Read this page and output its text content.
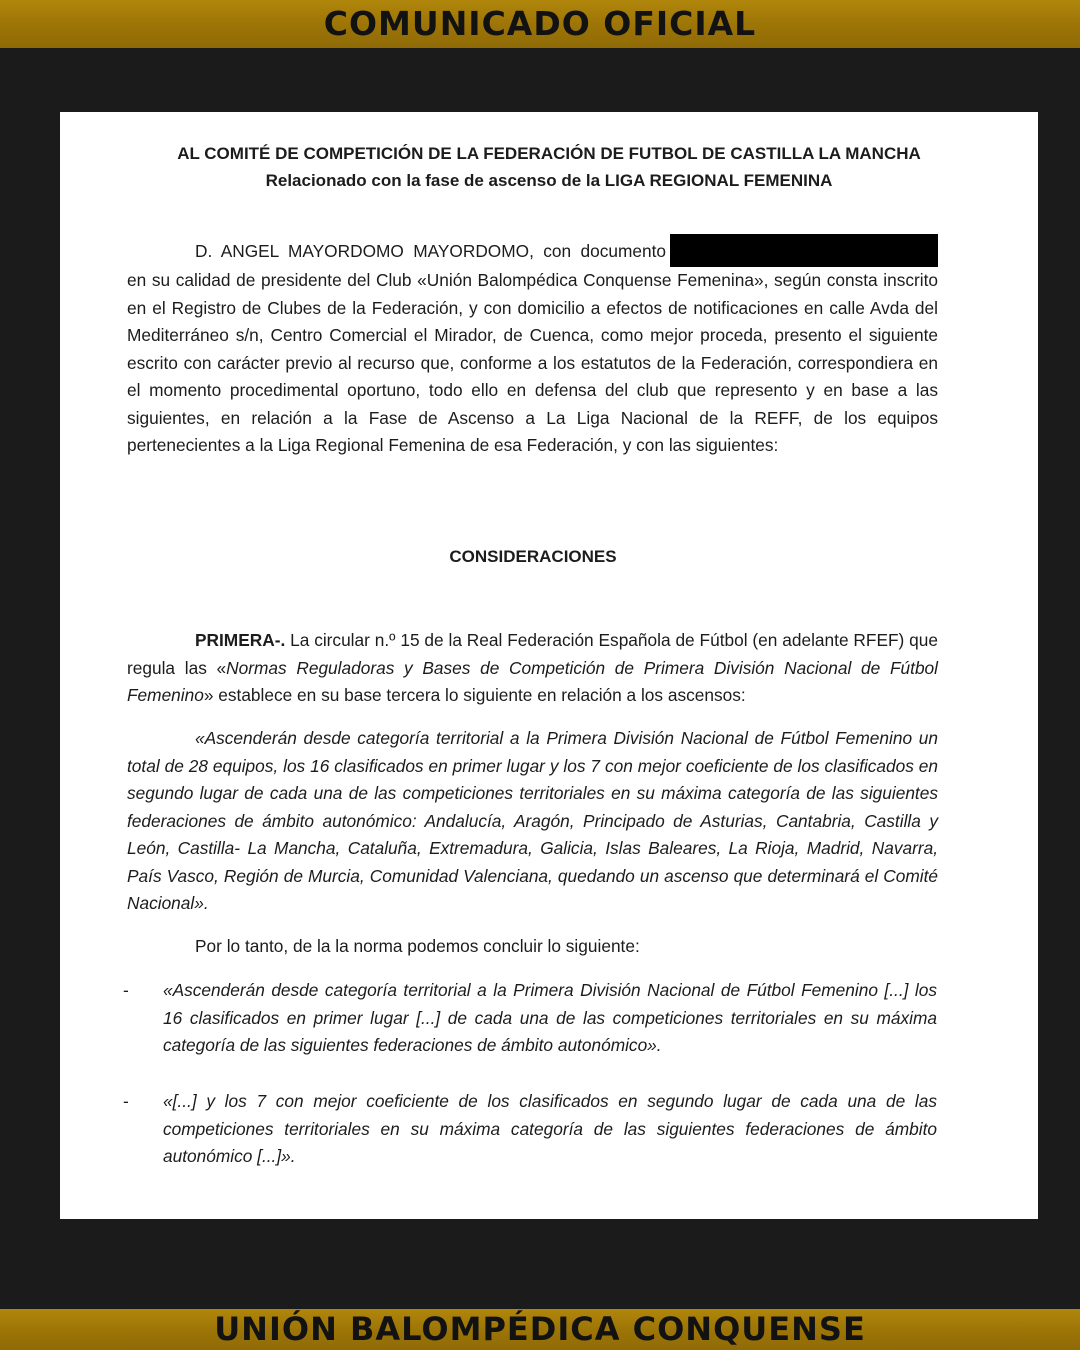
COMUNICADO OFICIAL
AL COMITÉ DE COMPETICIÓN DE LA FEDERACIÓN DE FUTBOL DE CASTILLA LA MANCHA
Relacionado con la fase de ascenso de la LIGA REGIONAL FEMENINA

D. ANGEL MAYORDOMO MAYORDOMO, con documento en su calidad de presidente del Club «Unión Balompédica Conquense Femenina», según consta inscrito en el Registro de Clubes de la Federación, y con domicilio a efectos de notificaciones en calle Avda del Mediterráneo s/n, Centro Comercial el Mirador, de Cuenca, como mejor proceda, presento el siguiente escrito con carácter previo al recurso que, conforme a los estatutos de la Federación, correspondiera en el momento procedimental oportuno, todo ello en defensa del club que represento y en base a las siguientes, en relación a la Fase de Ascenso a La Liga Nacional de la REFF, de los equipos pertenecientes a la Liga Regional Femenina de esa Federación, y con las siguientes:

CONSIDERACIONES

PRIMERA-. La circular n.º 15 de la Real Federación Española de Fútbol (en adelante RFEF) que regula las «Normas Reguladoras y Bases de Competición de Primera División Nacional de Fútbol Femenino» establece en su base tercera lo siguiente en relación a los ascensos:

«Ascenderán desde categoría territorial a la Primera División Nacional de Fútbol Femenino un total de 28 equipos, los 16 clasificados en primer lugar y los 7 con mejor coeficiente de los clasificados en segundo lugar de cada una de las competiciones territoriales en su máxima categoría de las siguientes federaciones de ámbito autonómico: Andalucía, Aragón, Principado de Asturias, Cantabria, Castilla y León, Castilla- La Mancha, Cataluña, Extremadura, Galicia, Islas Baleares, La Rioja, Madrid, Navarra, País Vasco, Región de Murcia, Comunidad Valenciana, quedando un ascenso que determinará el Comité Nacional».

Por lo tanto, de la la norma podemos concluir lo siguiente:

- «Ascenderán desde categoría territorial a la Primera División Nacional de Fútbol Femenino [...] los 16 clasificados en primer lugar [...] de cada una de las competiciones territoriales en su máxima categoría de las siguientes federaciones de ámbito autonómico».

- «[...] y los 7 con mejor coeficiente de los clasificados en segundo lugar de cada una de las competiciones territoriales en su máxima categoría de las siguientes federaciones de ámbito autonómico [...]».

UNIÓN BALOMPÉDICA CONQUENSE
